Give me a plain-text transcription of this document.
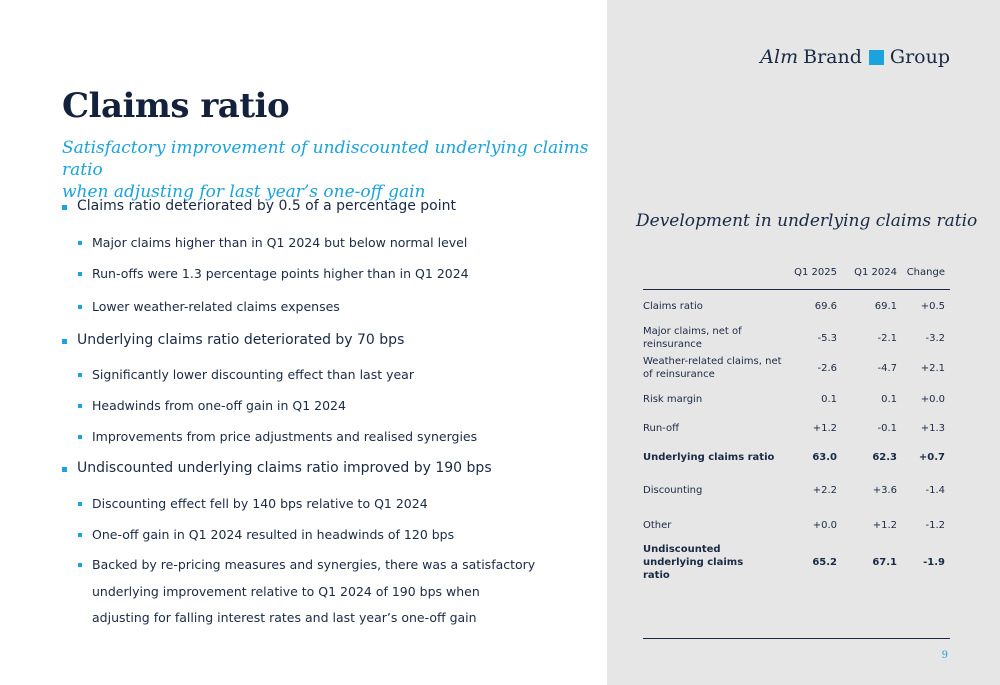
Alm Brand Group
Claims ratio
Satisfactory improvement of undiscounted underlying claims ratio
when adjusting for last year’s one-off gain
Claims ratio deteriorated by 0.5 of a percentage point
Major claims higher than in Q1 2024 but below normal level
Run-offs were 1.3 percentage points higher than in Q1 2024
Lower weather-related claims expenses
Underlying claims ratio deteriorated by 70 bps
Significantly lower discounting effect than last year
Headwinds from one-off gain in Q1 2024
Improvements from price adjustments and realised synergies
Undiscounted underlying claims ratio improved by 190 bps
Discounting effect fell by 140 bps relative to Q1 2024
One-off gain in Q1 2024 resulted in headwinds of 120 bps
Backed by re-pricing measures and synergies, there was a satisfactory underlying improvement relative to Q1 2024 of 190 bps when adjusting for falling interest rates and last year’s one-off gain
Development in underlying claims ratio
Q1 2025 Q1 2024 Change
Claims ratio	69.6	69.1 +0.5
Major claims, net of reinsurance
-5.3	-2.1	-3.2
Weather-related claims, net of reinsurance
-2.6	-4.7 +2.1
Risk margin	0.1	0.1 +0.0
Run-off	+1.2	-0.1 +1.3
Underlying claims ratio	63.0	62.3 +0.7
Discounting	+2.2	+3.6	-1.4
Other	+0.0	+1.2	-1.2
Undiscounted underlying claims ratio
65.2	67.1	-1.9
9
